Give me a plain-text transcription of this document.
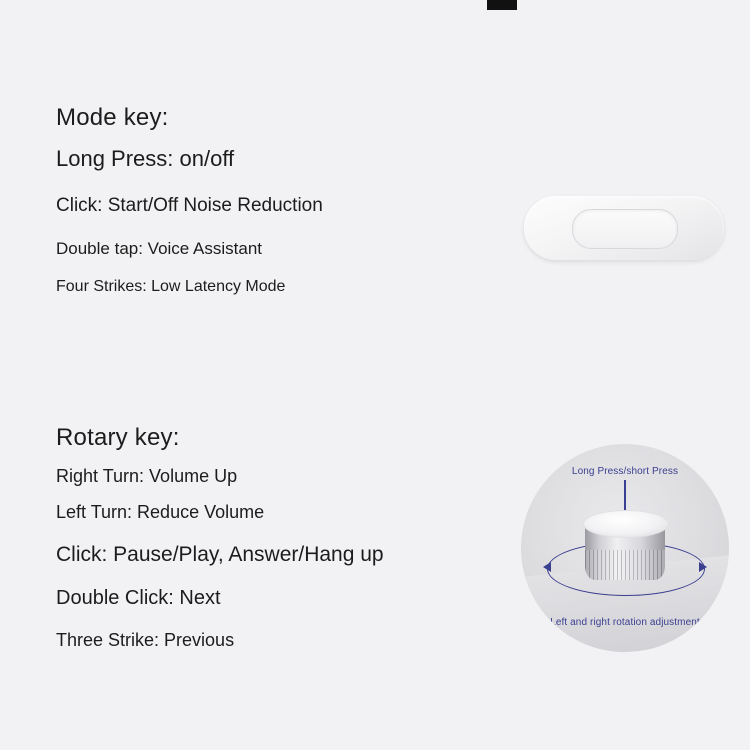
Mode key:
Long Press: on/off
Click: Start/Off Noise Reduction
Double tap: Voice Assistant
Four Strikes: Low Latency Mode
Rotary key:
Right Turn: Volume Up
Left Turn: Reduce Volume
Click: Pause/Play, Answer/Hang up
Double Click: Next
Three Strike: Previous
Long Press/short Press
Left and right rotation adjustment
